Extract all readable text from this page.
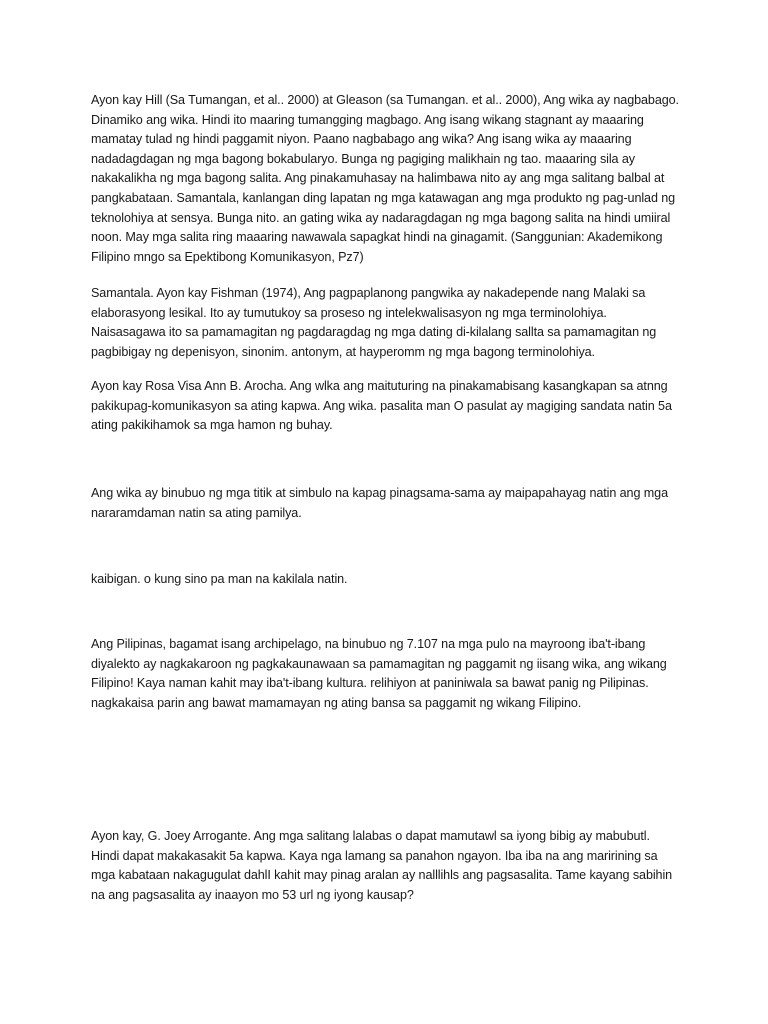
Ayon kay Hill (Sa Tumangan, et al.. 2000) at Gleason (sa Tumangan. et al.. 2000), Ang wika ay nagbabago.
Dinamiko ang wika. Hindi ito maaring tumangging magbago. Ang isang wikang stagnant ay maaaring
mamatay tulad ng hindi paggamit niyon. Paano nagbabago ang wika? Ang isang wika ay maaaring
nadadagdagan ng mga bagong bokabularyo. Bunga ng pagiging malikhain ng tao. maaaring sila ay
nakakalikha ng mga bagong salita. Ang pinakamuhasay na halimbawa nito ay ang mga salitang balbal at
pangkabataan. Samantala, kanlangan ding lapatan ng mga katawagan ang mga produkto ng pag-unlad ng
teknolohiya at sensya. Bunga nito. an gating wika ay nadaragdagan ng mga bagong salita na hindi umiiral
noon. May mga salita ring maaaring nawawala sapagkat hindi na ginagamit. (Sanggunian: Akademikong
Filipino mngo sa Epektibong Komunikasyon, Pz7)

Samantala. Ayon kay Fishman (1974), Ang pagpaplanong pangwika ay nakadepende nang Malaki sa
elaborasyong lesikal. Ito ay tumutukoy sa proseso ng intelekwalisasyon ng mga terminolohiya.
Naisasagawa ito sa pamamagitan ng pagdaragdag ng mga dating di-kilalang sallta sa pamamagitan ng
pagbibigay ng depenisyon, sinonim. antonym, at hayperomm ng mga bagong terminolohiya.

Ayon kay Rosa Visa Ann B. Arocha. Ang wlka ang maituturing na pinakamabisang kasangkapan sa atnng
pakikupag-komunikasyon sa ating kapwa. Ang wika. pasalita man O pasulat ay magiging sandata natin 5a
ating pakikihamok sa mga hamon ng buhay.

Ang wika ay binubuo ng mga titik at simbulo na kapag pinagsama-sama ay maipapahayag natin ang mga
nararamdaman natin sa ating pamilya.

kaibigan. o kung sino pa man na kakilala natin.

Ang Pilipinas, bagamat isang archipelago, na binubuo ng 7.107 na mga pulo na mayroong iba't-ibang
diyalekto ay nagkakaroon ng pagkakaunawaan sa pamamagitan ng paggamit ng iisang wika, ang wikang
Filipino! Kaya naman kahit may iba't-ibang kultura. relihiyon at paniniwala sa bawat panig ng Pilipinas.
nagkakaisa parin ang bawat mamamayan ng ating bansa sa paggamit ng wikang Filipino.

Ayon kay, G. Joey Arrogante. Ang mga salitang lalabas o dapat mamutawl sa iyong bibig ay mabubutl.
Hindi dapat makakasakit 5a kapwa. Kaya nga lamang sa panahon ngayon. Iba iba na ang maririning sa
mga kabataan nakagugulat dahlI kahit may pinag aralan ay nalllihls ang pagsasalita. Tame kayang sabihin
na ang pagsasalita ay inaayon mo 53 url ng iyong kausap?
